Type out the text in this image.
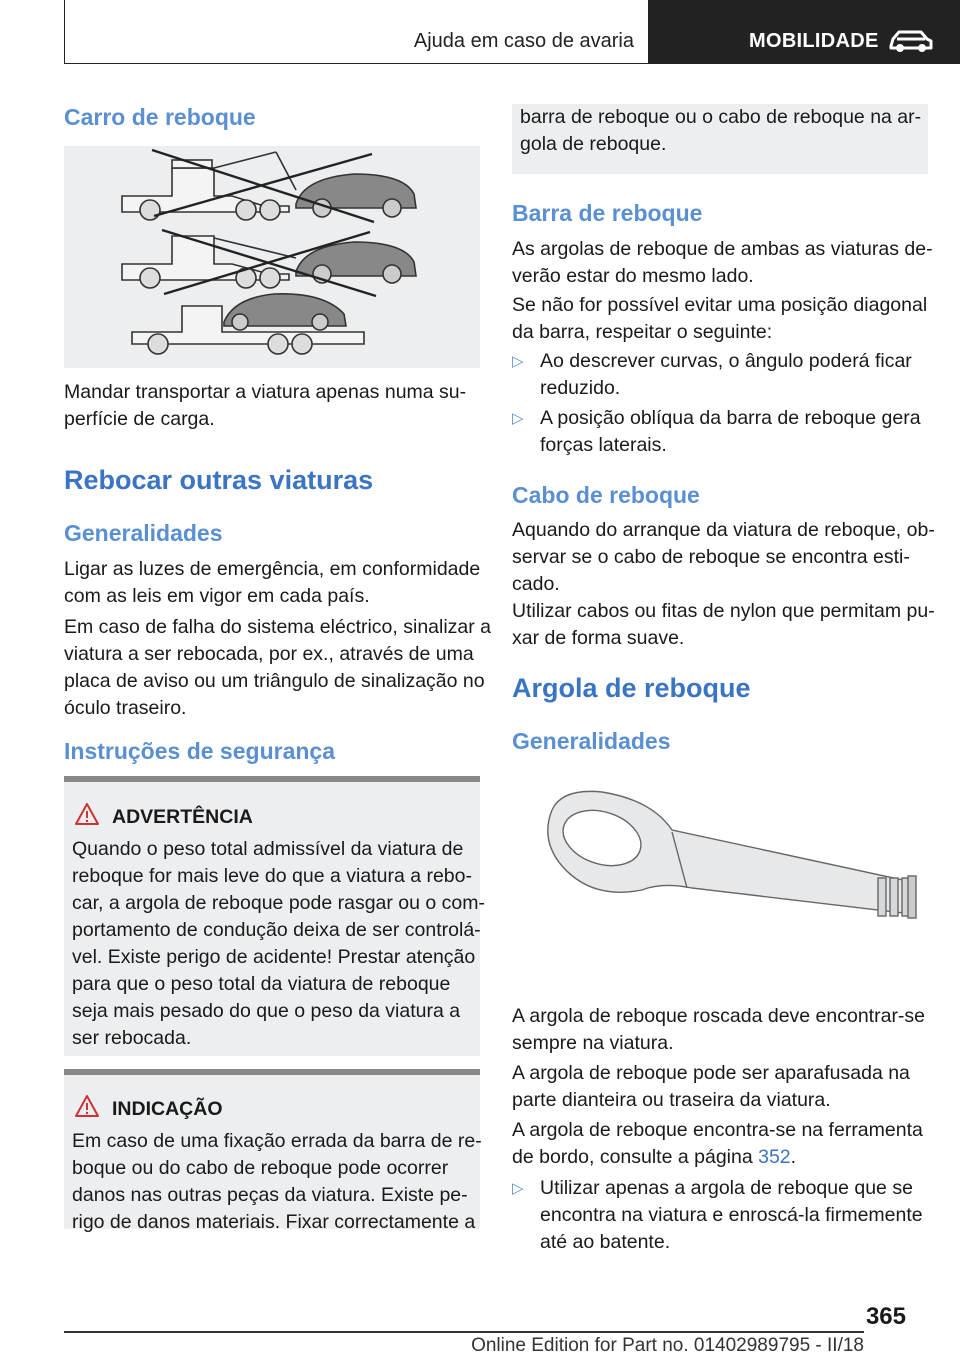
Ajuda em caso de avaria	MOBILIDADE
Carro de reboque

Mandar transportar a viatura apenas numa su-
perfície de carga.

Rebocar outras viaturas
Generalidades

Ligar as luzes de emergência, em conformidade
com as leis em vigor em cada país.

Em caso de falha do sistema eléctrico, sinalizar a
viatura a ser rebocada, por ex., através de uma
placa de aviso ou um triângulo de sinalização no
óculo traseiro.

Instruções de segurança
ADVERTÊNCIA

Quando o peso total admissível da viatura de
reboque for mais leve do que a viatura a rebo-
car, a argola de reboque pode rasgar ou o com-
portamento de condução deixa de ser controlá-
vel. Existe perigo de acidente! Prestar atenção
para que o peso total da viatura de reboque
seja mais pesado do que o peso da viatura a
ser rebocada.

INDICAÇÃO

Em caso de uma fixação errada da barra de re-
boque ou do cabo de reboque pode ocorrer
danos nas outras peças da viatura. Existe pe-
rigo de danos materiais. Fixar correctamente a

barra de reboque ou o cabo de reboque na ar-
gola de reboque.

Barra de reboque

As argolas de reboque de ambas as viaturas de-
verão estar do mesmo lado.

Se não for possível evitar uma posição diagonal
da barra, respeitar o seguinte:

▷ Ao descrever curvas, o ângulo poderá ficar
reduzido.
▷ A posição oblíqua da barra de reboque gera
forças laterais.
Cabo de reboque

Aquando do arranque da viatura de reboque, ob-
servar se o cabo de reboque se encontra esti-
cado.

Utilizar cabos ou fitas de nylon que permitam pu-
xar de forma suave.

Argola de reboque
Generalidades

A argola de reboque roscada deve encontrar-se
sempre na viatura.

A argola de reboque pode ser aparafusada na
parte dianteira ou traseira da viatura.

A argola de reboque encontra-se na ferramenta
de bordo, consulte a página 352.

▷ Utilizar apenas a argola de reboque que se
encontra na viatura e enroscá-la firmemente
até ao batente.
365
Online Edition for Part no. 01402989795 - II/18
